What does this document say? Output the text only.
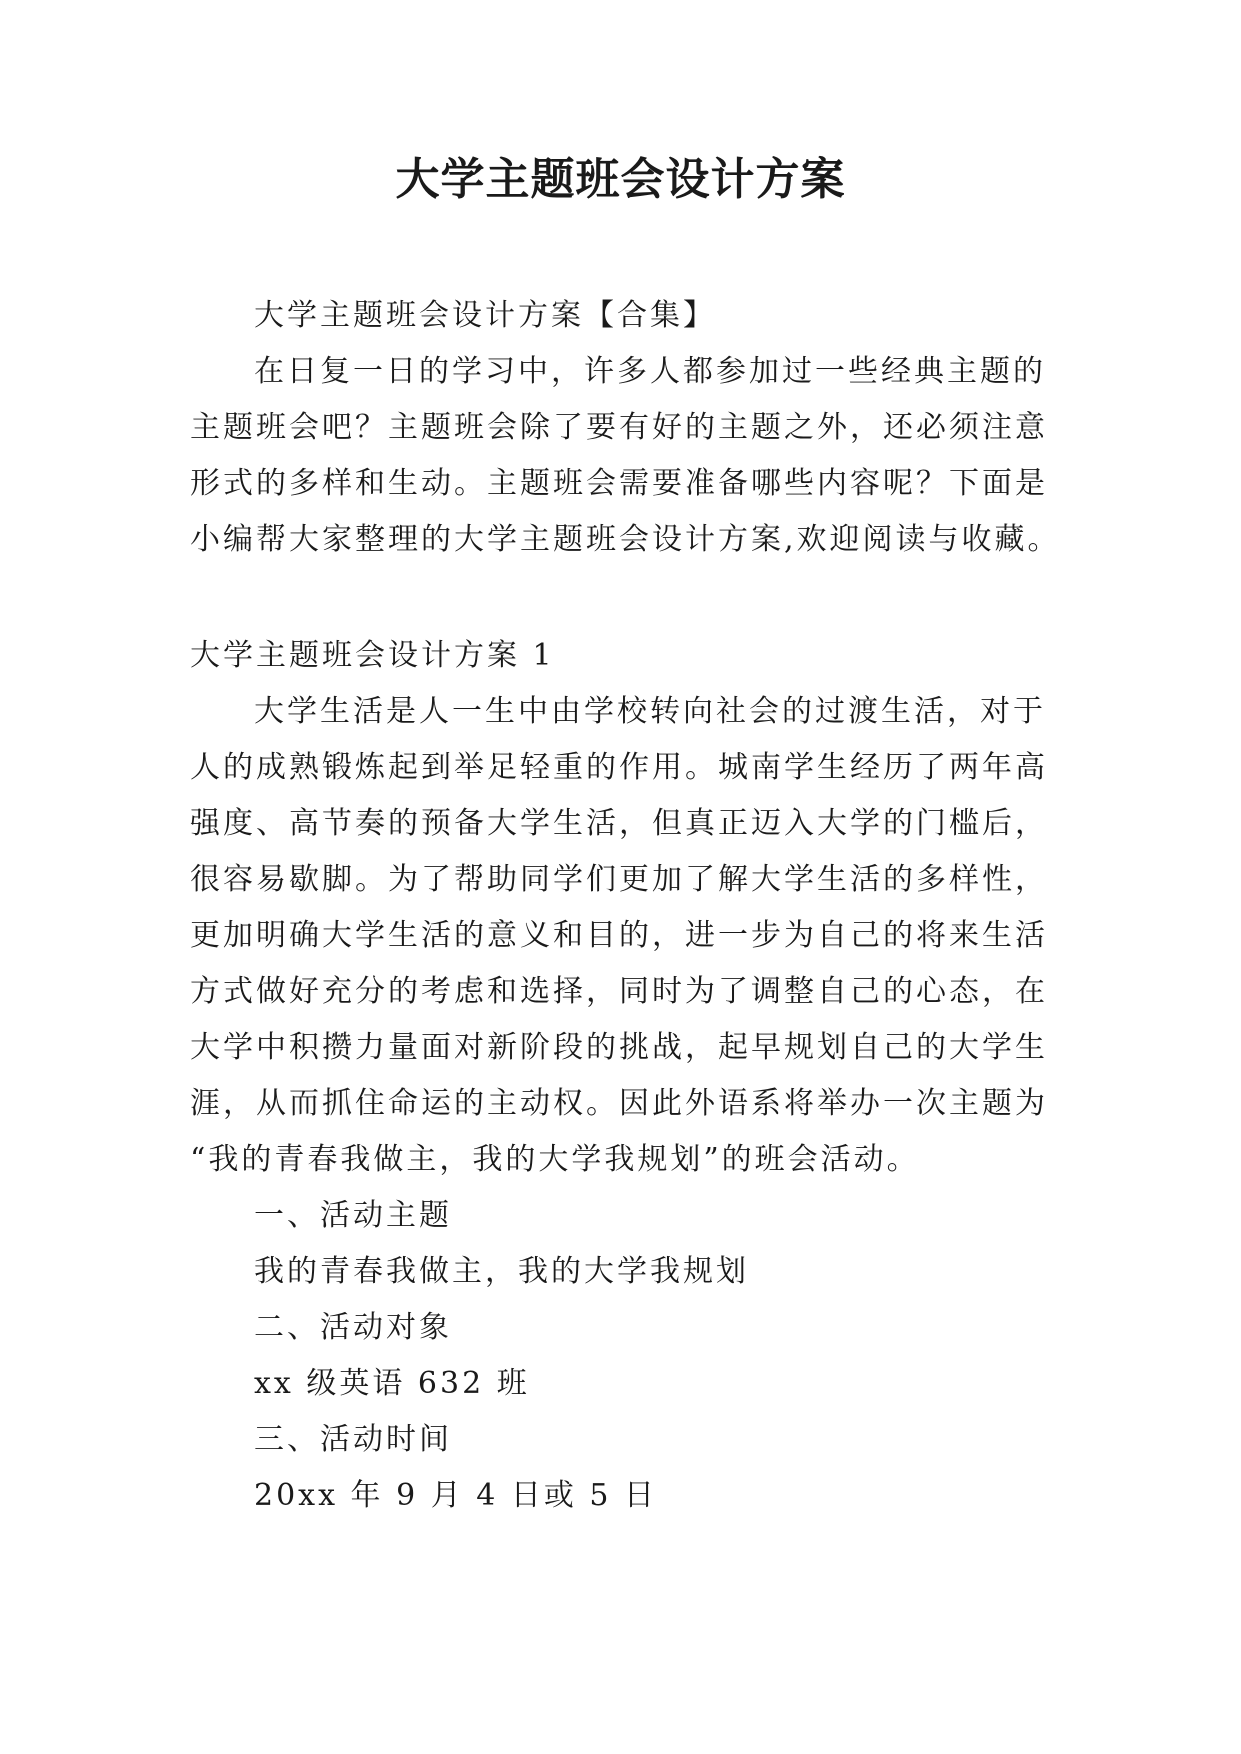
大学主题班会设计方案
大学主题班会设计方案【合集】
在日复一日的学习中，许多人都参加过一些经典主题的
主题班会吧？主题班会除了要有好的主题之外，还必须注意
形式的多样和生动。主题班会需要准备哪些内容呢？下面是
小编帮大家整理的大学主题班会设计方案,欢迎阅读与收藏。
大学主题班会设计方案 1
大学生活是人一生中由学校转向社会的过渡生活，对于
人的成熟锻炼起到举足轻重的作用。城南学生经历了两年高
强度、高节奏的预备大学生活，但真正迈入大学的门槛后，
很容易歇脚。为了帮助同学们更加了解大学生活的多样性，
更加明确大学生活的意义和目的，进一步为自己的将来生活
方式做好充分的考虑和选择，同时为了调整自己的心态，在
大学中积攒力量面对新阶段的挑战，起早规划自己的大学生
涯，从而抓住命运的主动权。因此外语系将举办一次主题为
“我的青春我做主，我的大学我规划”的班会活动。
一、活动主题
我的青春我做主，我的大学我规划
二、活动对象
xx 级英语 632 班
三、活动时间
20xx 年 9 月 4 日或 5 日
